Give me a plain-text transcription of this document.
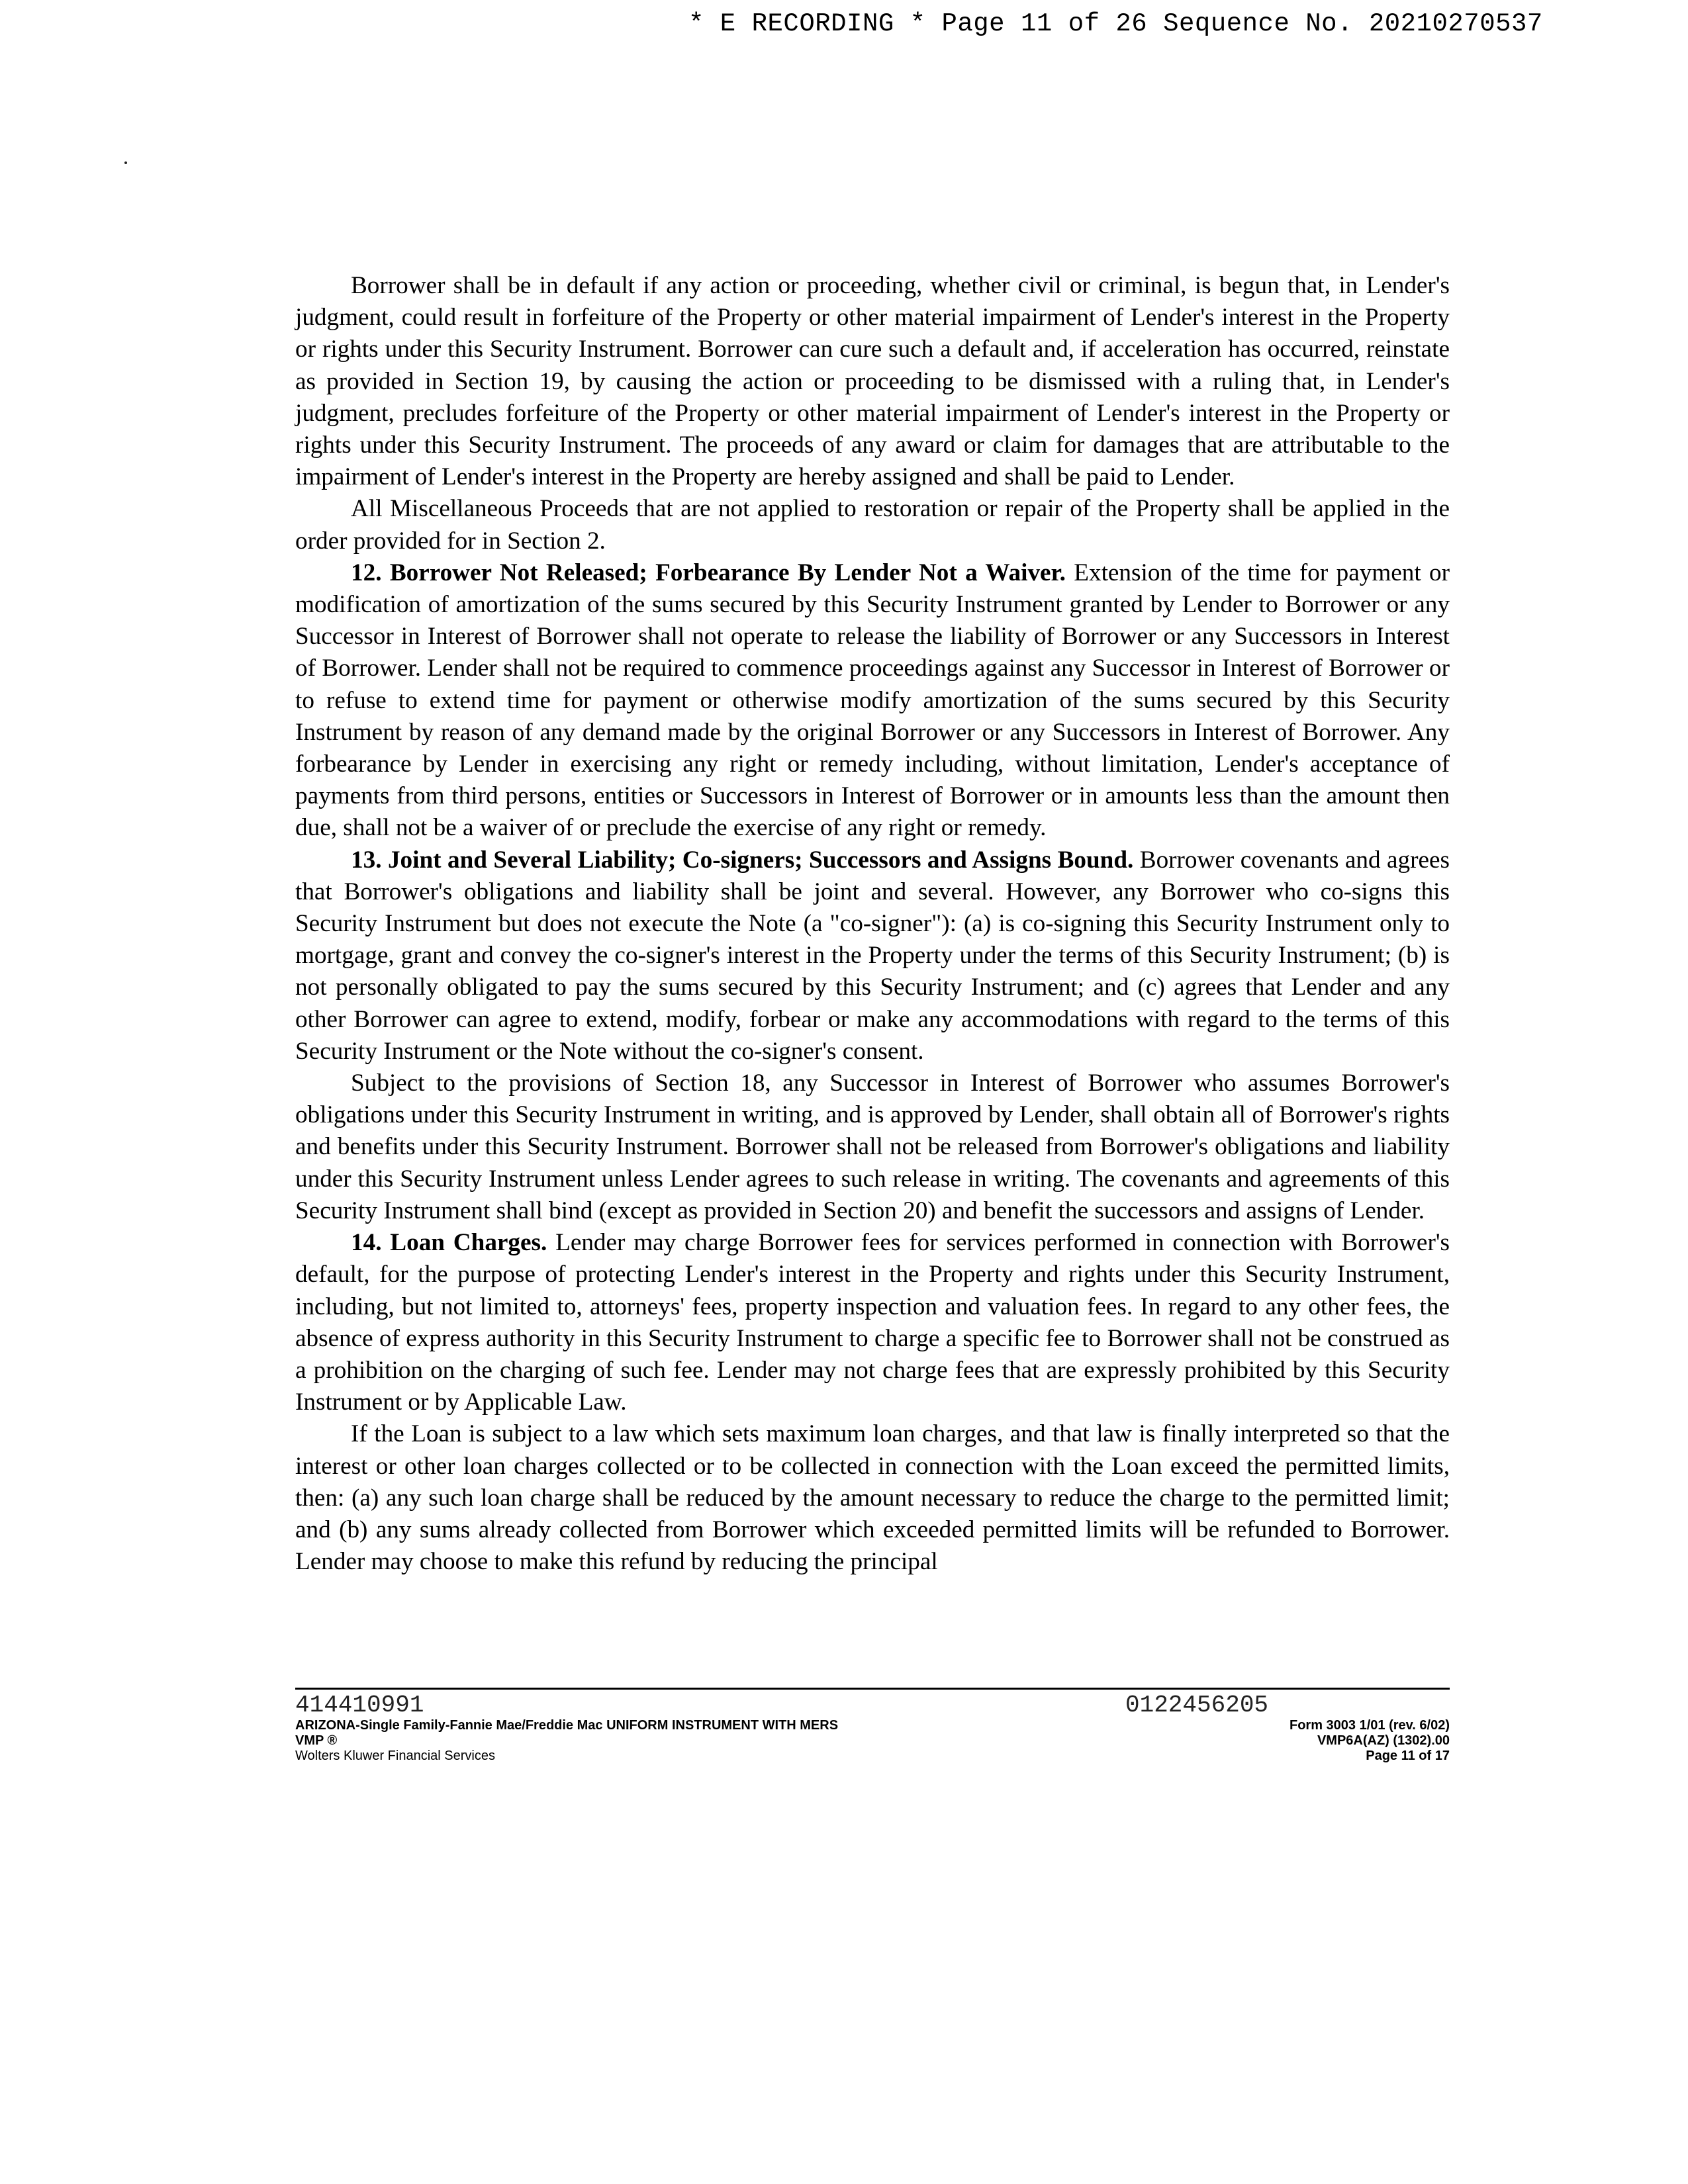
* E RECORDING * Page 11 of 26 Sequence No. 20210270537

Borrower shall be in default if any action or proceeding, whether civil or criminal, is begun that, in Lender's judgment, could result in forfeiture of the Property or other material impairment of Lender's interest in the Property or rights under this Security Instrument. Borrower can cure such a default and, if acceleration has occurred, reinstate as provided in Section 19, by causing the action or proceeding to be dismissed with a ruling that, in Lender's judgment, precludes forfeiture of the Property or other material impairment of Lender's interest in the Property or rights under this Security Instrument. The proceeds of any award or claim for damages that are attributable to the impairment of Lender's interest in the Property are hereby assigned and shall be paid to Lender.

All Miscellaneous Proceeds that are not applied to restoration or repair of the Property shall be applied in the order provided for in Section 2.

12. Borrower Not Released; Forbearance By Lender Not a Waiver. Extension of the time for payment or modification of amortization of the sums secured by this Security Instrument granted by Lender to Borrower or any Successor in Interest of Borrower shall not operate to release the liability of Borrower or any Successors in Interest of Borrower. Lender shall not be required to commence proceedings against any Successor in Interest of Borrower or to refuse to extend time for payment or otherwise modify amortization of the sums secured by this Security Instrument by reason of any demand made by the original Borrower or any Successors in Interest of Borrower. Any forbearance by Lender in exercising any right or remedy including, without limitation, Lender's acceptance of payments from third persons, entities or Successors in Interest of Borrower or in amounts less than the amount then due, shall not be a waiver of or preclude the exercise of any right or remedy.

13. Joint and Several Liability; Co-signers; Successors and Assigns Bound. Borrower covenants and agrees that Borrower's obligations and liability shall be joint and several. However, any Borrower who co-signs this Security Instrument but does not execute the Note (a "co-signer"): (a) is co-signing this Security Instrument only to mortgage, grant and convey the co-signer's interest in the Property under the terms of this Security Instrument; (b) is not personally obligated to pay the sums secured by this Security Instrument; and (c) agrees that Lender and any other Borrower can agree to extend, modify, forbear or make any accommodations with regard to the terms of this Security Instrument or the Note without the co-signer's consent.

Subject to the provisions of Section 18, any Successor in Interest of Borrower who assumes Borrower's obligations under this Security Instrument in writing, and is approved by Lender, shall obtain all of Borrower's rights and benefits under this Security Instrument. Borrower shall not be released from Borrower's obligations and liability under this Security Instrument unless Lender agrees to such release in writing. The covenants and agreements of this Security Instrument shall bind (except as provided in Section 20) and benefit the successors and assigns of Lender.

14. Loan Charges. Lender may charge Borrower fees for services performed in connection with Borrower's default, for the purpose of protecting Lender's interest in the Property and rights under this Security Instrument, including, but not limited to, attorneys' fees, property inspection and valuation fees. In regard to any other fees, the absence of express authority in this Security Instrument to charge a specific fee to Borrower shall not be construed as a prohibition on the charging of such fee. Lender may not charge fees that are expressly prohibited by this Security Instrument or by Applicable Law.

If the Loan is subject to a law which sets maximum loan charges, and that law is finally interpreted so that the interest or other loan charges collected or to be collected in connection with the Loan exceed the permitted limits, then: (a) any such loan charge shall be reduced by the amount necessary to reduce the charge to the permitted limit; and (b) any sums already collected from Borrower which exceeded permitted limits will be refunded to Borrower. Lender may choose to make this refund by reducing the principal

414410991
ARIZONA-Single Family-Fannie Mae/Freddie Mac UNIFORM INSTRUMENT WITH MERS
VMP ®
Wolters Kluwer Financial Services
0122456205
Form 3003 1/01 (rev. 6/02)
VMP6A(AZ) (1302).00
Page 11 of 17
